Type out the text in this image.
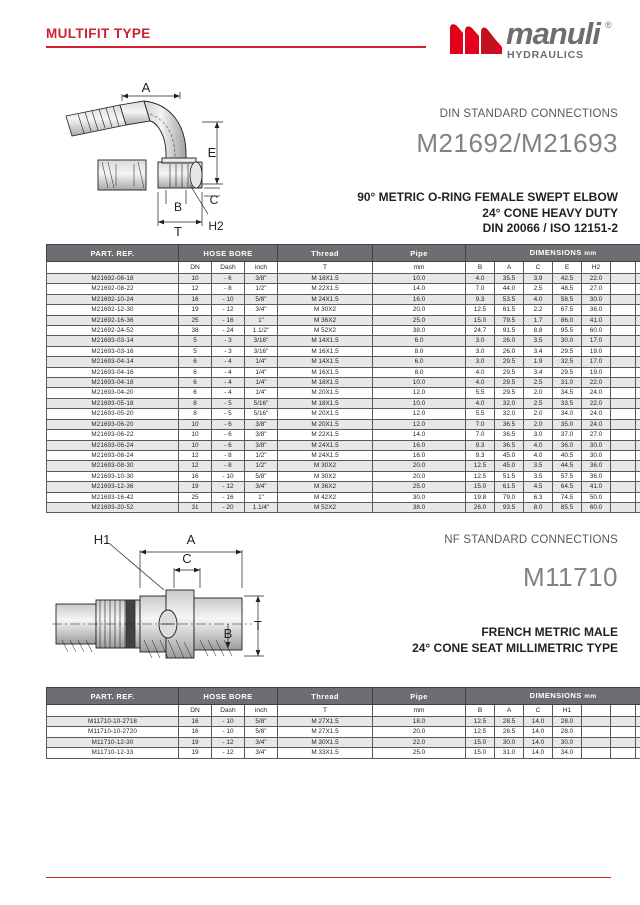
MULTIFIT TYPE	manuli ®
HYDRAULICS
DIN STANDARD CONNECTIONS
M21692/M21693
90° METRIC O-RING FEMALE SWEPT ELBOW
24° CONE HEAVY DUTY
DIN 20066 / ISO 12151-2
A
E
B C
T H2
PART. REF.	HOSE BORE			Thread	Pipe	DIMENSIONS mm						
	DN	Dash	inch	T	mm	B	A	C	E	H2		
M21692-06-18	10	- 6	3/8"	M 18X1.5	10.0	4.0	35.5	3.9	42.5	22.0		
M21692-08-22	12	- 8	1/2"	M 22X1.5	14.0	7.0	44.0	2.5	48.5	27.0		
M21692-10-24	16	- 10	5/8"	M 24X1.5	16.0	9.3	53.5	4.0	58.5	30.0		
M21692-12-30	19	- 12	3/4"	M 30X2	20.0	12.5	61.5	2.2	67.5	36.0		
M21692-16-36	25	- 16	1"	M 36X2	25.0	15.0	79.5	1.7	86.0	41.0		
M21692-24-52	38	- 24	1.1/2"	M 52X2	38.0	24.7	91.5	8.8	95.5	60.0		
M21693-03-14	5	- 3	3/16"	M 14X1.5	6.0	3.0	26.0	3.5	30.0	17.0		
M21693-03-16	5	- 3	3/16"	M 16X1.5	8.0	3.0	26.0	3.4	29.5	19.0		
M21693-04-14	6	- 4	1/4"	M 14X1.5	6.0	3.0	29.5	1.9	32.5	17.0		
M21693-04-16	6	- 4	1/4"	M 16X1.5	8.0	4.0	29.5	3.4	29.5	19.0		
M21693-04-18	6	- 4	1/4"	M 18X1.5	10.0	4.0	29.5	2.5	31.0	22.0		
M21693-04-20	6	- 4	1/4"	M 20X1.5	12.0	5.5	29.5	2.0	34.5	24.0		
M21693-05-18	8	- 5	5/16"	M 18X1.5	10.0	4.0	32.0	2.5	33.5	22.0		
M21693-05-20	8	- 5	5/16"	M 20X1.5	12.0	5.5	32.0	2.0	34.0	24.0		
M21693-06-20	10	- 6	3/8"	M 20X1.5	12.0	7.0	36.5	2.0	35.0	24.0		
M21693-06-22	10	- 6	3/8"	M 22X1.5	14.0	7.0	36.5	3.0	37.0	27.0		
M21693-06-24	10	- 6	3/8"	M 24X1.5	16.0	9.3	36.5	4.0	36.0	30.0		
M21693-08-24	12	- 8	1/2"	M 24X1.5	16.0	9.3	45.0	4.0	40.5	30.0		
M21693-08-30	12	- 8	1/2"	M 30X2	20.0	12.5	45.0	3.5	44.5	36.0		
M21693-10-30	16	- 10	5/8"	M 30X2	20.0	12.5	51.5	3.5	57.5	36.0		
M21693-12-36	19	- 12	3/4"	M 36X2	25.0	15.0	61.5	4.5	64.5	41.0		
M21693-16-42	25	- 16	1"	M 42X2	30.0	19.8	79.0	6.3	74.5	50.0		
M21693-20-52	31	- 20	1.1/4"	M 52X2	38.0	26.0	93.5	8.0	85.5	60.0		
NF STANDARD CONNECTIONS
M11710
FRENCH METRIC MALE
24° CONE SEAT MILLIMETRIC TYPE
H1	A
C
B
T
PART. REF.	HOSE BORE			Thread	Pipe	DIMENSIONS mm						
	DN	Dash	inch	T	mm	B	A	C	H1			
M11710-10-2718	16	- 10	5/8"	M 27X1.5	18.0	12.5	28.5	14.0	28.0			
M11710-10-2720	16	- 10	5/8"	M 27X1.5	20.0	12.5	28.5	14.0	28.0			
M11710-12-30	19	- 12	3/4"	M 30X1.5	22.0	15.0	30.0	14.0	30.0			
M11710-12-33	19	- 12	3/4"	M 33X1.5	25.0	15.0	31.0	14.0	34.0			
